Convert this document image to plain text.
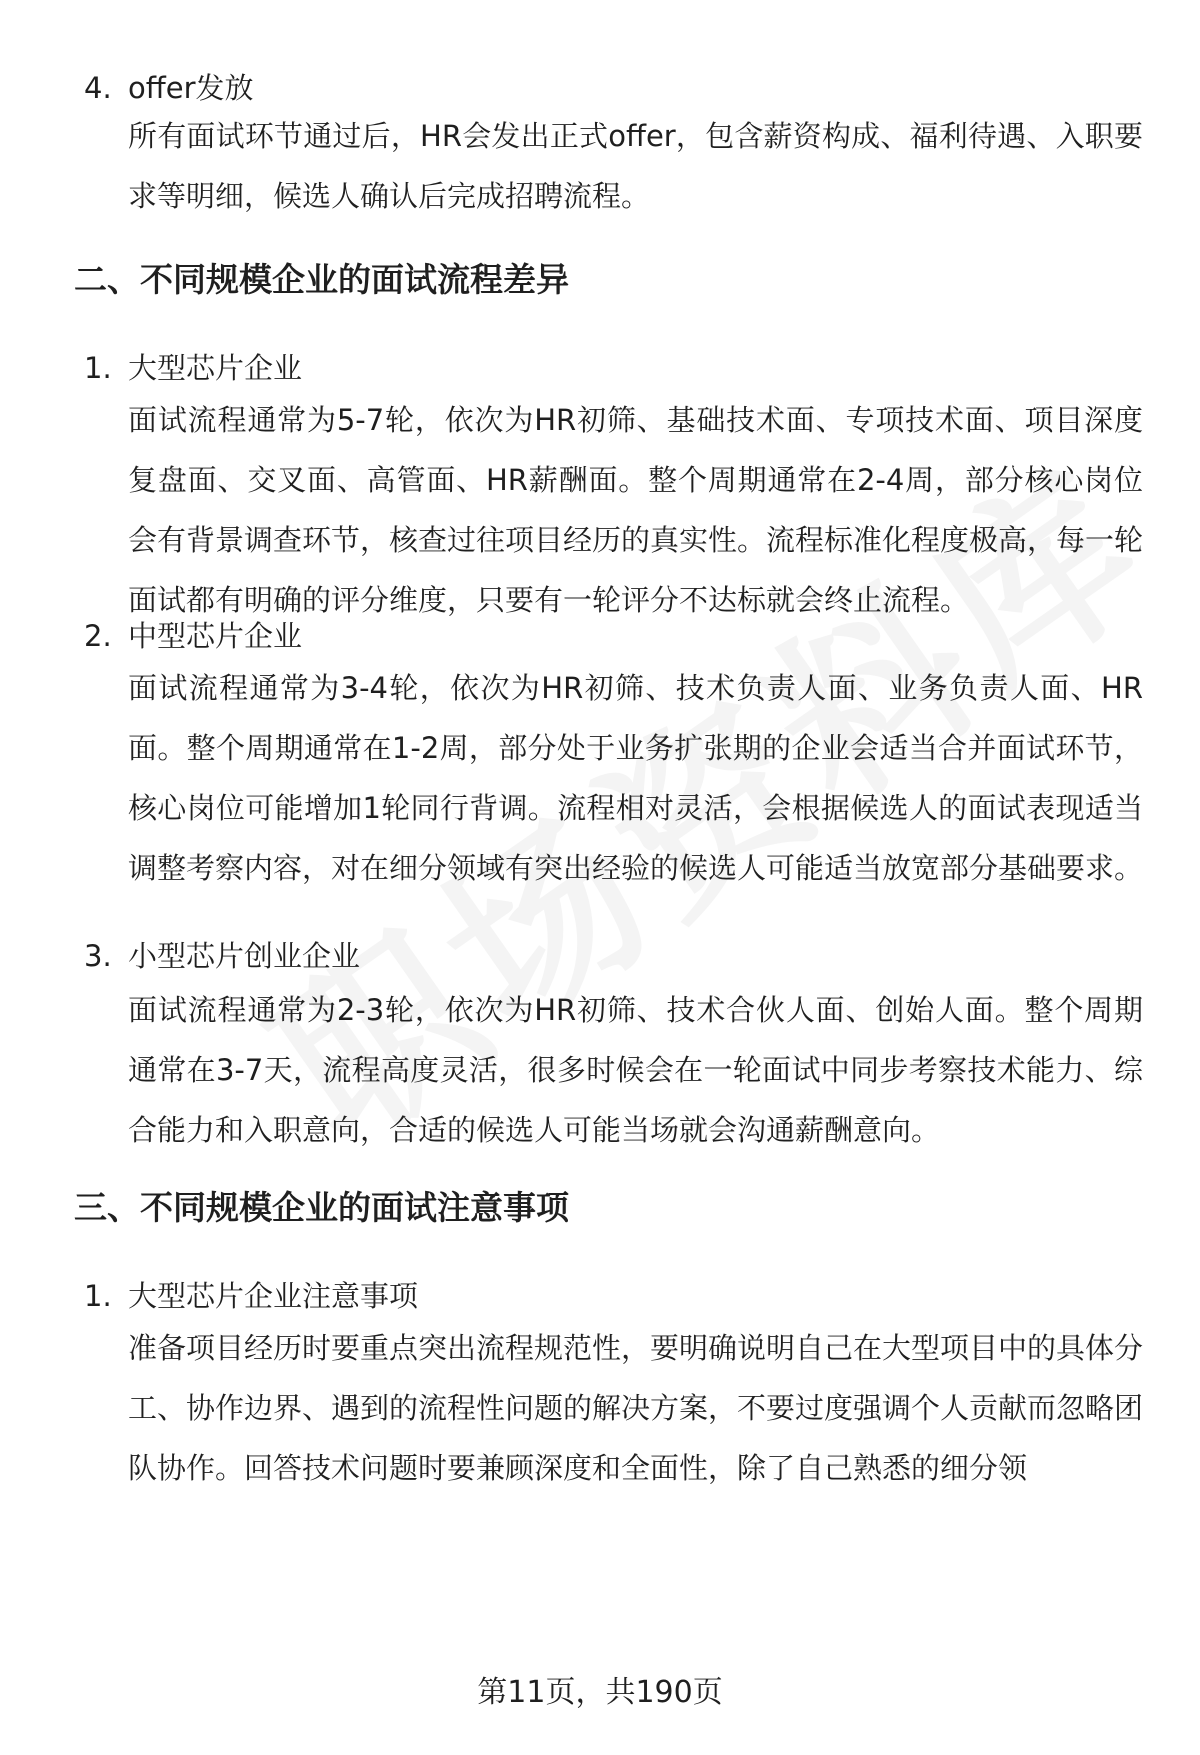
4. offer发放
所有面试环节通过后，HR会发出正式offer，包含薪资构成、福利待遇、入职要求等明细，候选人确认后完成招聘流程。
二、不同规模企业的面试流程差异
1. 大型芯片企业
面试流程通常为5-7轮，依次为HR初筛、基础技术面、专项技术面、项目深度复盘面、交叉面、高管面、HR薪酬面。整个周期通常在2-4周，部分核心岗位会有背景调查环节，核查过往项目经历的真实性。流程标准化程度极高，每一轮面试都有明确的评分维度，只要有一轮评分不达标就会终止流程。
2. 中型芯片企业
面试流程通常为3-4轮，依次为HR初筛、技术负责人面、业务负责人面、HR面。整个周期通常在1-2周，部分处于业务扩张期的企业会适当合并面试环节，核心岗位可能增加1轮同行背调。流程相对灵活，会根据候选人的面试表现适当调整考察内容，对在细分领域有突出经验的候选人可能适当放宽部分基础要求。
3. 小型芯片创业企业
面试流程通常为2-3轮，依次为HR初筛、技术合伙人面、创始人面。整个周期通常在3-7天，流程高度灵活，很多时候会在一轮面试中同步考察技术能力、综合能力和入职意向，合适的候选人可能当场就会沟通薪酬意向。
三、不同规模企业的面试注意事项
1. 大型芯片企业注意事项
准备项目经历时要重点突出流程规范性，要明确说明自己在大型项目中的具体分工、协作边界、遇到的流程性问题的解决方案，不要过度强调个人贡献而忽略团队协作。回答技术问题时要兼顾深度和全面性，除了自己熟悉的细分领
第11页，共190页
